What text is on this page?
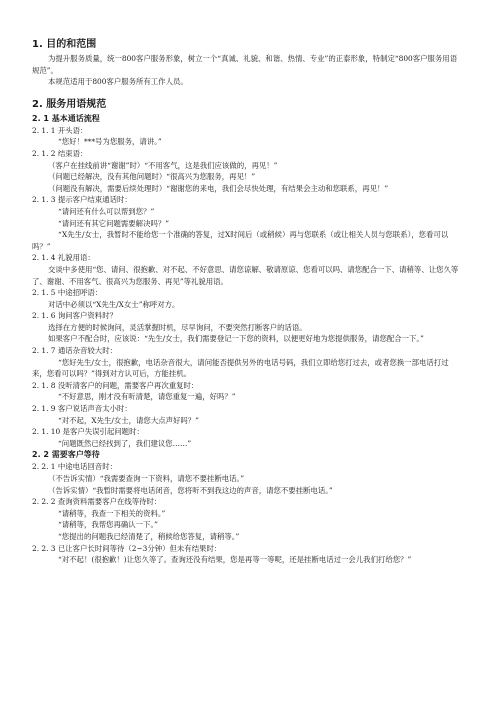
1. 目的和范围

为提升服务质量，统一800客户服务形象，树立一个“真诚、礼貌、和谐、热情、专业”的正泰形象，特制定“800客户服务用语规范”。

本规范适用于800客户服务所有工作人员。

2. 服务用语规范
2. 1 基本通话流程

2. 1. 1 开头语：

“您好！***号为您服务，请讲。”

2. 1. 2 结束语：

（客户在挂线前讲“谢谢”时）“不用客气，这是我们应该做的，再见！”

（问题已经解决，没有其他问题时）“很高兴为您服务，再见！”

（问题没有解决，需要后续处理时）“谢谢您的来电，我们会尽快处理，有结果会主动和您联系，再见！”

2. 1. 3 提示客户结束通话时：

“请问还有什么可以帮到您？”

“请问还有其它问题需要解决吗？”

“X先生/女士，我暂时不能给您一个准确的答复，过X时间后（或稍候）再与您联系（或让相关人员与您联系），您看可以吗？”

2. 1. 4 礼貌用语：

交谈中多使用“您、请问、很抱歉、对不起、不好意思、请您谅解、敬请原谅、您看可以吗、请您配合一下、请稍等、让您久等了、谢谢、不用客气、很高兴为您服务、再见”等礼貌用语。

2. 1. 5 中途招呼语：

对话中必须以“X先生/X女士”称呼对方。

2. 1. 6 询问客户资料时？

选择在方便的时候询问，灵活掌握时机，尽早询问，不要突然打断客户的话语。

如果客户不配合时，应该说：“先生/女士，我们需要登记一下您的资料，以便更好地为您提供服务，请您配合一下。”

2. 1. 7 通话杂音较大时：

“您好先生/女士，很抱歉，电话杂音很大，请问能否提供另外的电话号码，我们立即给您打过去，或者您换一部电话打过来，您看可以吗？”得到对方认可后，方能挂机。

2. 1. 8 没听清客户的问题，需要客户再次重复时：

“不好意思，刚才没有听清楚，请您重复一遍，好吗？”

2. 1. 9 客户说话声音太小时：

“对不起，X先生/女士，请您大点声好吗？”

2. 1. 10 是客户失误引起问题时：

“问题既然已经找到了，我们建议您……”

2. 2 需要客户等待

2. 2. 1 中途电话回音时：

（不告诉实情）“我需要查询一下资料，请您不要挂断电话。”

（告诉实情）“我暂时需要将电话闭音，您将听不到我这边的声音，请您不要挂断电话。”

2. 2. 2 查询资料需要客户在线等待时：

“请稍等，我查一下相关的资料。”

“请稍等，我帮您再确认一下。”

“您提出的问题我已经清楚了，稍候给您答复，请稍等。”

2. 2. 3 已让客户长时间等待（2~3分钟）但未有结果时：

“对不起！(很抱歉！)让您久等了。查询还没有结果，您是再等一等呢，还是挂断电话过一会儿我们打给您？”
